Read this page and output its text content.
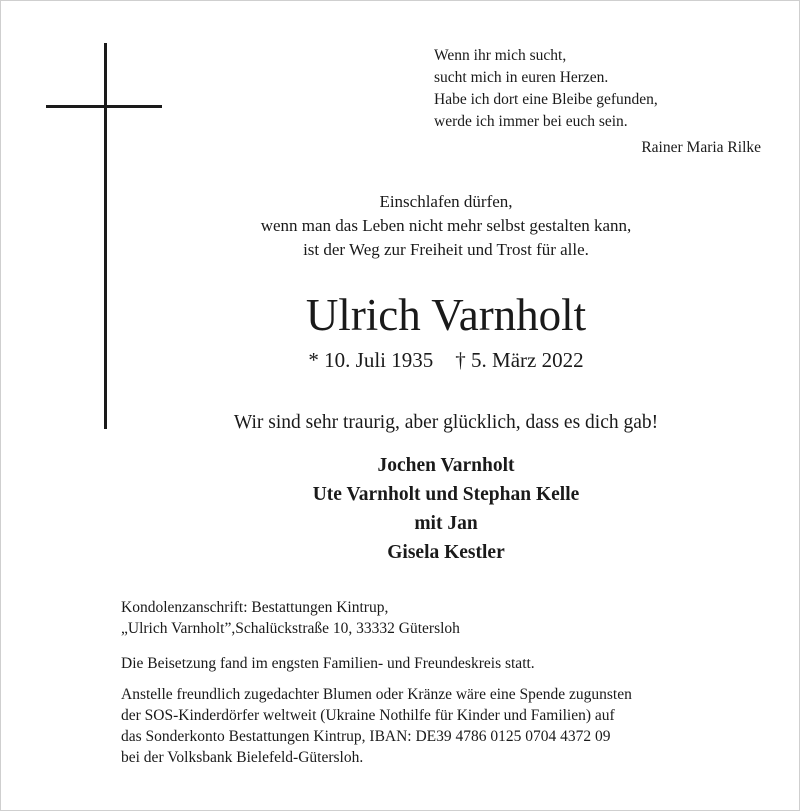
Wenn ihr mich sucht,
sucht mich in euren Herzen.
Habe ich dort eine Bleibe gefunden,
werde ich immer bei euch sein.
Rainer Maria Rilke
Einschlafen dürfen,
wenn man das Leben nicht mehr selbst gestalten kann,
ist der Weg zur Freiheit und Trost für alle.
Ulrich Varnholt
* 10. Juli 1935 † 5. März 2022
Wir sind sehr traurig, aber glücklich, dass es dich gab!
Jochen Varnholt
Ute Varnholt und Stephan Kelle
mit Jan
Gisela Kestler
Kondolenzanschrift: Bestattungen Kintrup,
„Ulrich Varnholt”,Schalückstraße 10, 33332 Gütersloh
Die Beisetzung fand im engsten Familien- und Freundeskreis statt.
Anstelle freundlich zugedachter Blumen oder Kränze wäre eine Spende zugunsten
der SOS-Kinderdörfer weltweit (Ukraine Nothilfe für Kinder und Familien) auf
das Sonderkonto Bestattungen Kintrup, IBAN: DE39 4786 0125 0704 4372 09
bei der Volksbank Bielefeld-Gütersloh.
